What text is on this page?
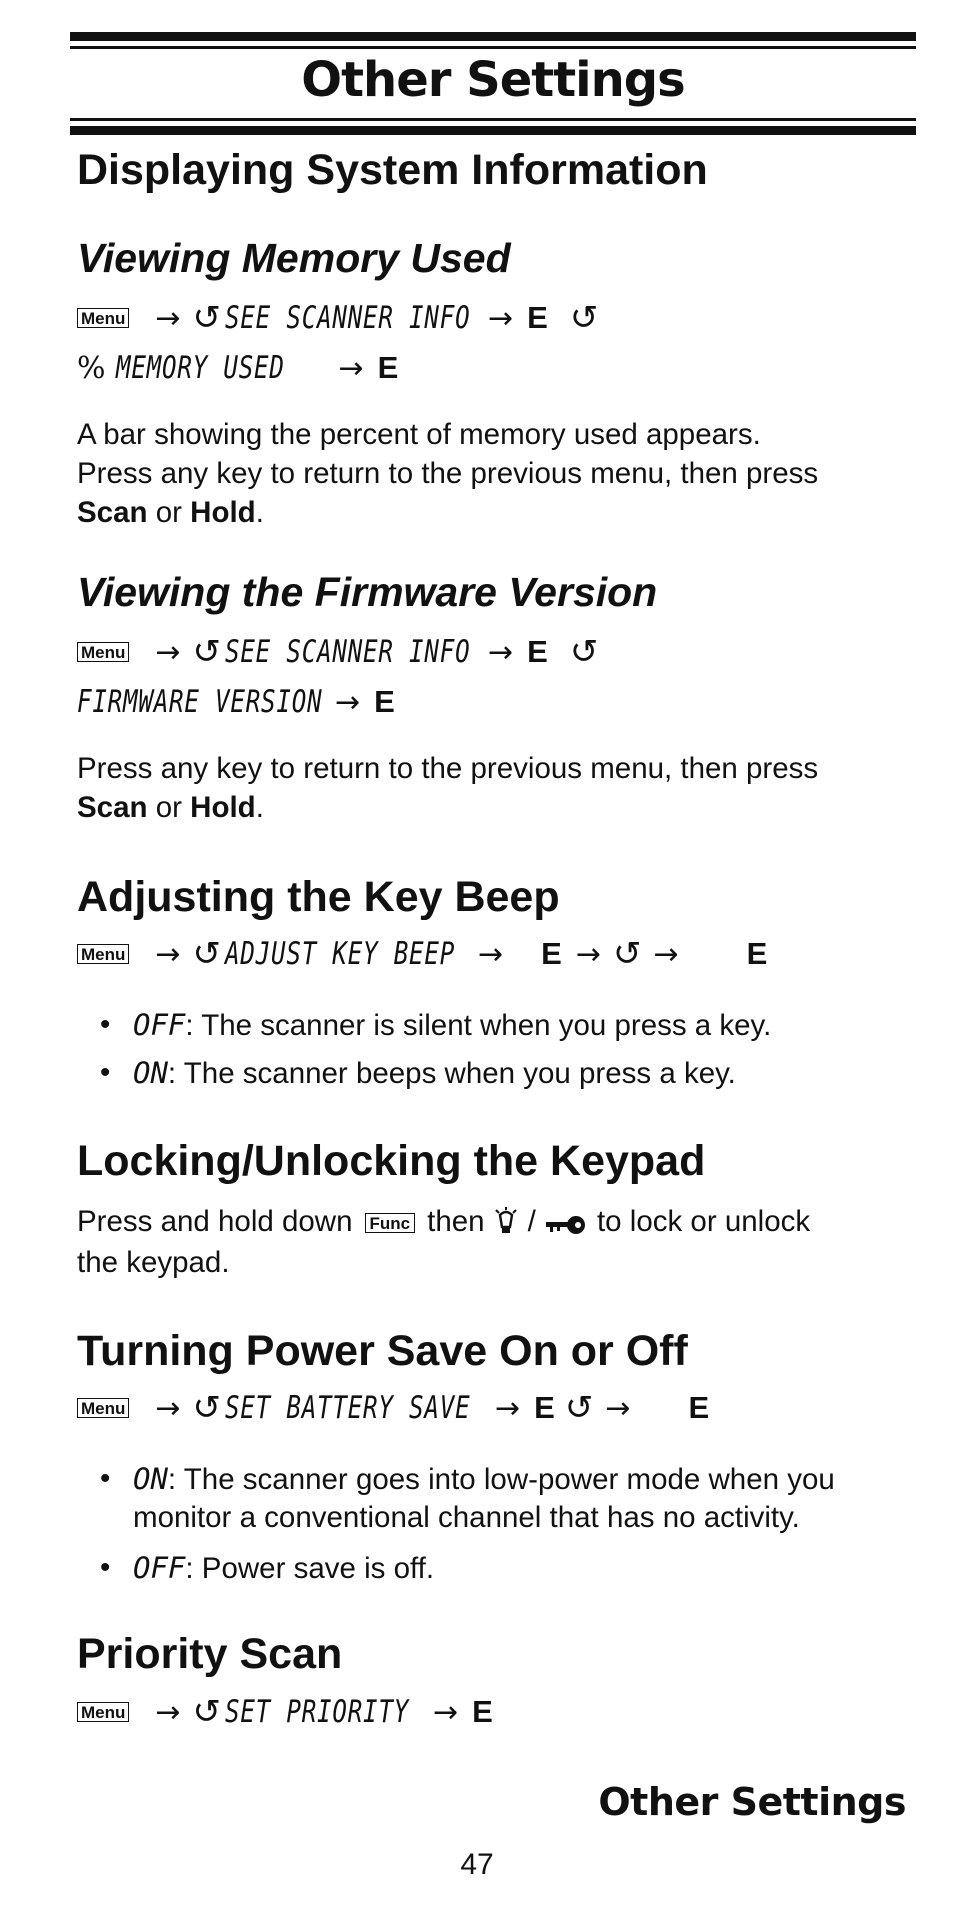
Other Settings
Displaying System Information
Viewing Memory Used
Menu → ↺ SEE SCANNER INFO → E ↺
% MEMORY USED → E
A bar showing the percent of memory used appears.
Press any key to return to the previous menu, then press
Scan or Hold.
Viewing the Firmware Version
Menu → ↺ SEE SCANNER INFO → E ↺
FIRMWARE VERSION → E
Press any key to return to the previous menu, then press
Scan or Hold.
Adjusting the Key Beep
Menu → ↺ ADJUST KEY BEEP → E → ↺ → E
• OFF: The scanner is silent when you press a key.
• ON: The scanner beeps when you press a key.
Locking/Unlocking the Keypad
Press and hold down Func then / to lock or unlock
the keypad.
Turning Power Save On or Off
Menu → ↺ SET BATTERY SAVE → E ↺ → E
• ON: The scanner goes into low-power mode when you
monitor a conventional channel that has no activity.
• OFF: Power save is off.
Priority Scan
Menu → ↺ SET PRIORITY → E
Other Settings
47
